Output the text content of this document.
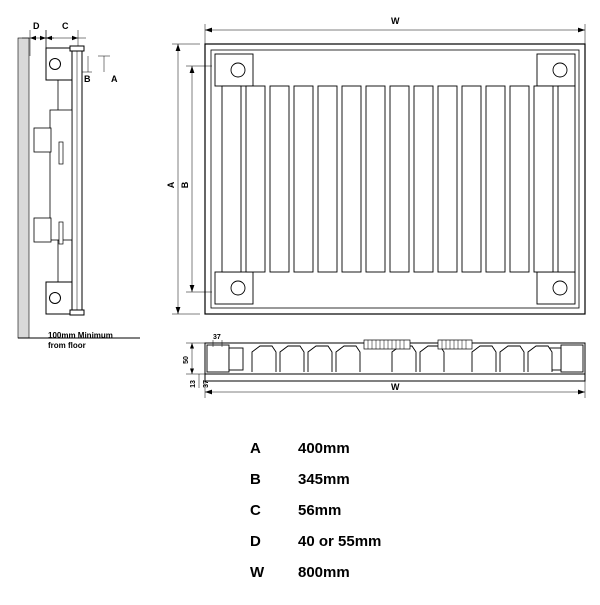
D	C
B A
100mm Minimum
from floor
W
A B
50
13 37
37
W
A	400mm
B	345mm
C	56mm
D	40 or 55mm
W	800mm
